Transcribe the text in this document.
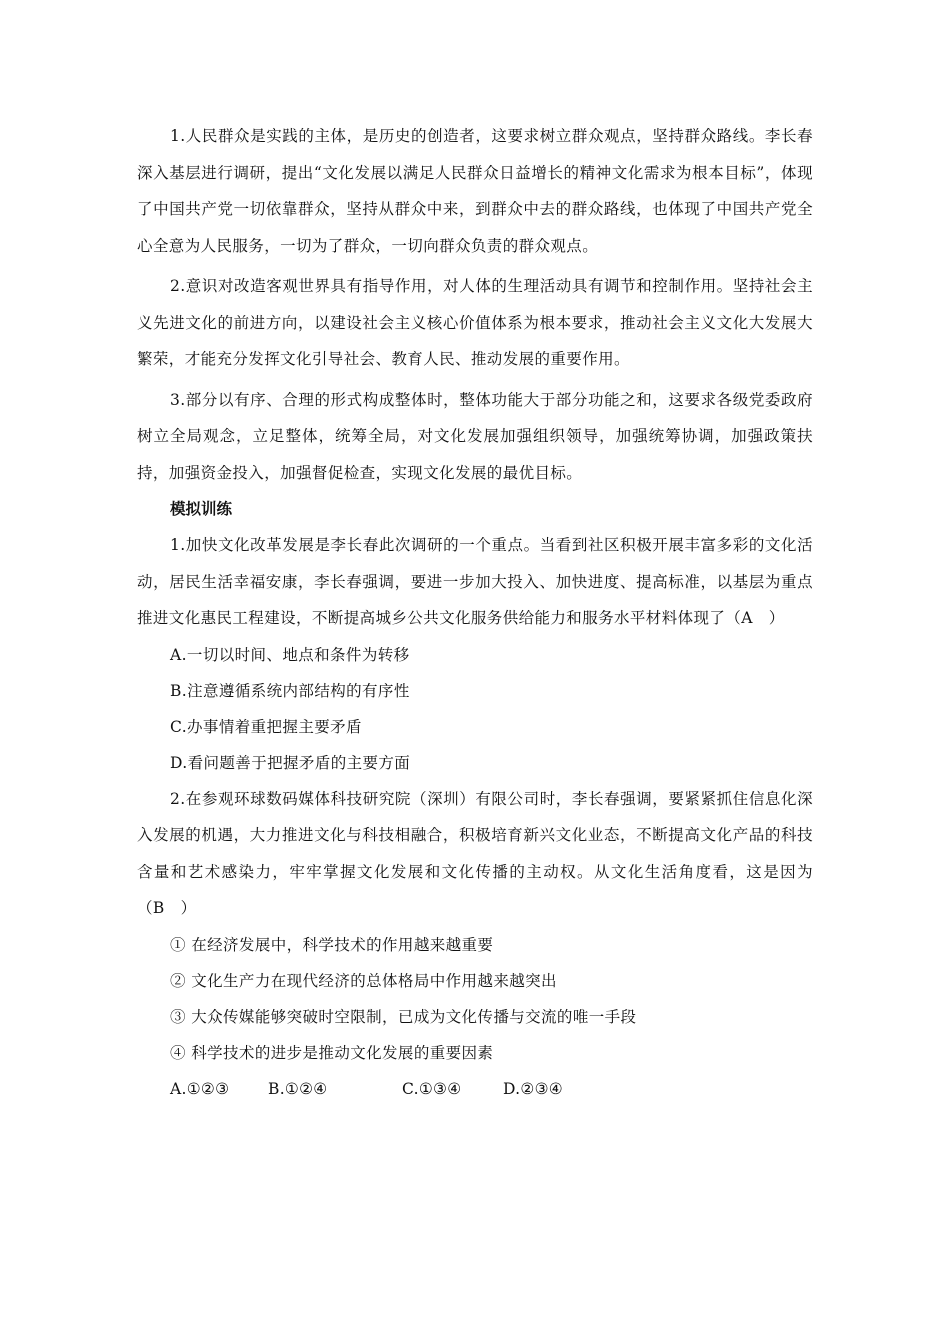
1.人民群众是实践的主体，是历史的创造者，这要求树立群众观点，坚持群众路线。李长春深入基层进行调研，提出“文化发展以满足人民群众日益增长的精神文化需求为根本目标”，体现了中国共产党一切依靠群众，坚持从群众中来，到群众中去的群众路线，也体现了中国共产党全心全意为人民服务，一切为了群众，一切向群众负责的群众观点。

2.意识对改造客观世界具有指导作用，对人体的生理活动具有调节和控制作用。坚持社会主义先进文化的前进方向，以建设社会主义核心价值体系为根本要求，推动社会主义文化大发展大繁荣，才能充分发挥文化引导社会、教育人民、推动发展的重要作用。

3.部分以有序、合理的形式构成整体时，整体功能大于部分功能之和，这要求各级党委政府树立全局观念，立足整体，统筹全局，对文化发展加强组织领导，加强统筹协调，加强政策扶持，加强资金投入，加强督促检查，实现文化发展的最优目标。

模拟训练

1.加快文化改革发展是李长春此次调研的一个重点。当看到社区积极开展丰富多彩的文化活动，居民生活幸福安康，李长春强调，要进一步加大投入、加快进度、提高标准，以基层为重点推进文化惠民工程建设，不断提高城乡公共文化服务供给能力和服务水平材料体现了（A　）

A.一切以时间、地点和条件为转移

B.注意遵循系统内部结构的有序性

C.办事情着重把握主要矛盾

D.看问题善于把握矛盾的主要方面

2.在参观环球数码媒体科技研究院（深圳）有限公司时，李长春强调，要紧紧抓住信息化深入发展的机遇，大力推进文化与科技相融合，积极培育新兴文化业态，不断提高文化产品的科技含量和艺术感染力，牢牢掌握文化发展和文化传播的主动权。从文化生活角度看，这是因为（B　）

① 在经济发展中，科学技术的作用越来越重要

② 文化生产力在现代经济的总体格局中作用越来越突出

③ 大众传媒能够突破时空限制，已成为文化传播与交流的唯一手段

④ 科学技术的进步是推动文化发展的重要因素

A.①②③ B.①②④	C.①③④	D.②③④
